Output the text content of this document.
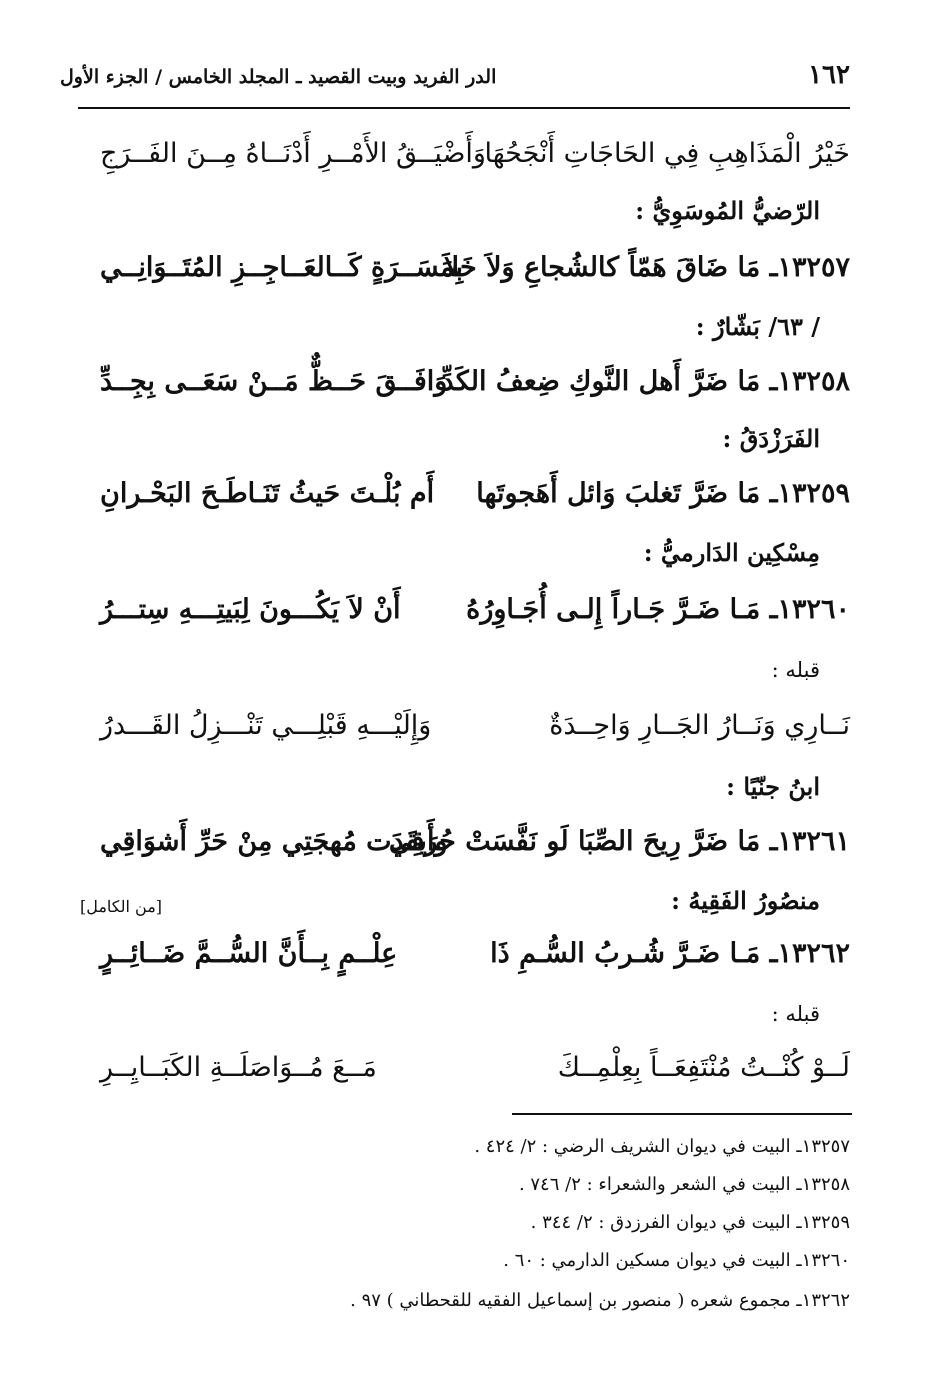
١٦٢
الدر الفريد وبيت القصيد ـ المجلد الخامس / الجزء الأول
خَيْرُ الْمَذَاهِبِ فِي الحَاجَاتِ أَنْجَحُهَا
وَأَضْيَــقُ الأَمْــرِ أَدْنَــاهُ مِــنَ الفَــرَجِ
الرّضيُّ المُوسَوِيُّ :
١٣٢٥٧ـ مَا ضَاقَ هَمّاً كالشُجاعِ وَلاَ خَلاَ
بِمَسَــرَةٍ كَــالعَــاجِــزِ المُتَــوَانِــي
/ ٦٣/ بَشّارٌ :
١٣٢٥٨ـ مَا ضَرَّ أَهل النَّوكِ ضِعفُ الكَدِّ
وَافَــقَ حَــظٌّ مَــنْ سَعَــى بِجِــدِّ
الفَرَزْدَقُ :
١٣٢٥٩ـ مَا ضَرَّ تَغلبَ وَائل أَهَجوتَها
أَم بُلْـتَ حَيثُ تَنَـاطَـحَ البَحْـرانِ
مِسْكِين الدَارميُّ :
١٣٢٦٠ـ مَـا ضَـرَّ جَـاراً إِلـى أُجَـاوِرُهُ
أَنْ لاَ يَكُـــونَ لِبَيتِـــهِ سِتـــرُ
قبله :
نَــارِي وَنَــارُ الجَــارِ وَاحِــدَةٌ
وَإِلَيْـــهِ قَبْلِـــي تَنْـــزِلُ القَـــدرُ
ابنُ جنّيًا :
١٣٢٦١ـ مَا ضَرَّ رِيحَ الصِّبَا لَو نَفَّسَتْ حُرَقِي
وأَيقَدَت مُهجَتِي مِنْ حَرِّ أَشوَاقِي
منصُورُ الفَقِيهُ :
[من الكامل]
١٣٢٦٢ـ مَـا ضَـرَّ شُـربُ السُّـمِ ذَا
عِلْــمٍ بِــأَنَّ السُّــمَّ ضَــائِــرٍ
قبله :
لَــوْ كُنْــتُ مُنْتَفِعَــاً بِعِلْمِــكَ
مَــعَ مُــوَاصَلَــةِ الكَبَــايِــرِ
١٣٢٥٧ـ البيت في ديوان الشريف الرضي : ٢/ ٤٢٤ .
١٣٢٥٨ـ البيت في الشعر والشعراء : ٢/ ٧٤٦ .
١٣٢٥٩ـ البيت في ديوان الفرزدق : ٢/ ٣٤٤ .
١٣٢٦٠ـ البيت في ديوان مسكين الدارمي : ٦٠ .
١٣٢٦٢ـ مجموع شعره ( منصور بن إسماعيل الفقيه للقحطاني ) ٩٧ .
